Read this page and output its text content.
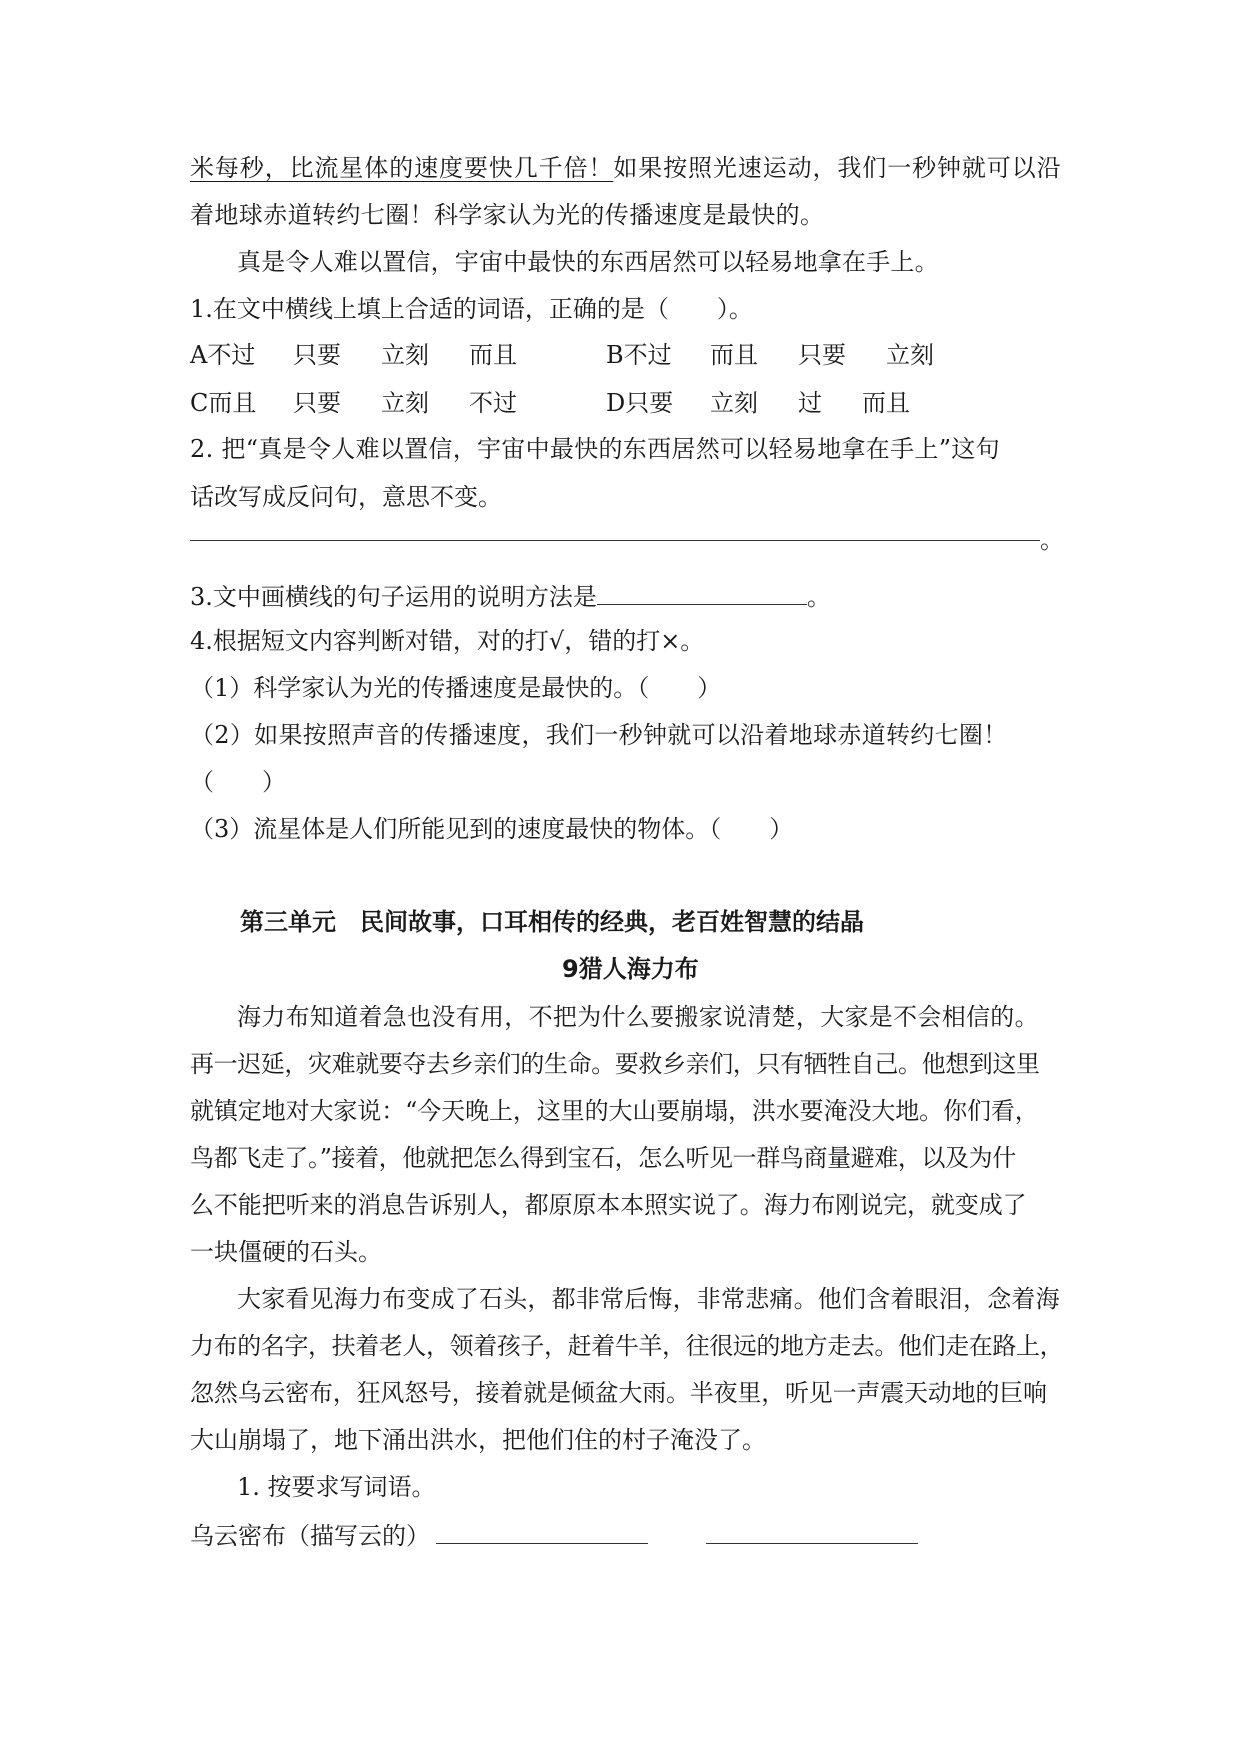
米每秒，比流星体的速度要快几千倍！如果按照光速运动，我们一秒钟就可以沿
着地球赤道转约七圈！科学家认为光的传播速度是最快的。
真是令人难以置信，宇宙中最快的东西居然可以轻易地拿在手上。
1.在文中横线上填上合适的词语，正确的是（　　）。
A不过 只要 立刻 而且	B不过 而且 只要 立刻
C而且 只要 立刻 不过	D只要 立刻 过 而且
2. 把“真是令人难以置信，宇宙中最快的东西居然可以轻易地拿在手上”这句
话改写成反问句，意思不变。
。
3.文中画横线的句子运用的说明方法是	。
4.根据短文内容判断对错，对的打√，错的打×。
（1）科学家认为光的传播速度是最快的。（　　）
（2）如果按照声音的传播速度，我们一秒钟就可以沿着地球赤道转约七圈！
（　　）
（3）流星体是人们所能见到的速度最快的物体。（　　）
第三单元　民间故事，口耳相传的经典，老百姓智慧的结晶
9猎人海力布
海力布知道着急也没有用，不把为什么要搬家说清楚，大家是不会相信的。
再一迟延，灾难就要夺去乡亲们的生命。要救乡亲们，只有牺牲自己。他想到这里
就镇定地对大家说：“今天晚上，这里的大山要崩塌，洪水要淹没大地。你们看，
鸟都飞走了。”接着，他就把怎么得到宝石，怎么听见一群鸟商量避难，以及为什
么不能把听来的消息告诉别人，都原原本本照实说了。海力布刚说完，就变成了
一块僵硬的石头。
大家看见海力布变成了石头，都非常后悔，非常悲痛。他们含着眼泪，念着海
力布的名字，扶着老人，领着孩子，赶着牛羊，往很远的地方走去。他们走在路上，
忽然乌云密布，狂风怒号，接着就是倾盆大雨。半夜里，听见一声震天动地的巨响
大山崩塌了，地下涌出洪水，把他们住的村子淹没了。
1. 按要求写词语。
乌云密布（描写云的）
